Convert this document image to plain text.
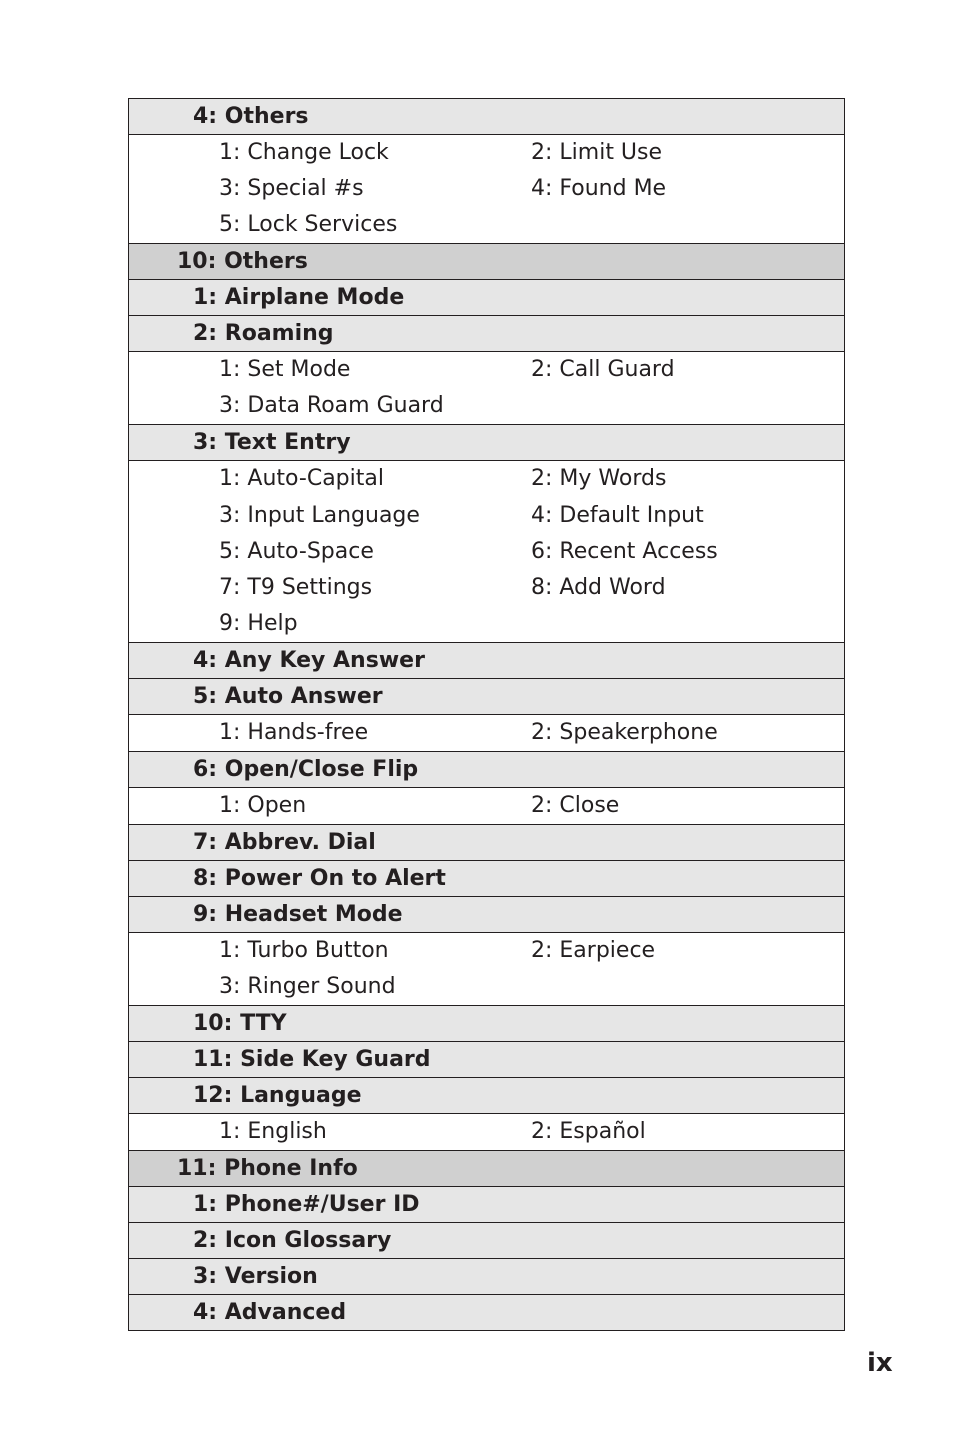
4: Others
1: Change Lock	2: Limit Use
3: Special #s	4: Found Me
5: Lock Services
10: Others
1: Airplane Mode
2: Roaming
1: Set Mode	2: Call Guard
3: Data Roam Guard
3: Text Entry
1: Auto-Capital	2: My Words
3: Input Language	4: Default Input
5: Auto-Space	6: Recent Access
7: T9 Settings	8: Add Word
9: Help
4: Any Key Answer
5: Auto Answer
1: Hands-free	2: Speakerphone
6: Open/Close Flip
1: Open	2: Close
7: Abbrev. Dial
8: Power On to Alert
9: Headset Mode
1: Turbo Button	2: Earpiece
3: Ringer Sound
10: TTY
11: Side Key Guard
12: Language
1: English	2: Español
11: Phone Info
1: Phone#/User ID
2: Icon Glossary
3: Version
4: Advanced
ix
